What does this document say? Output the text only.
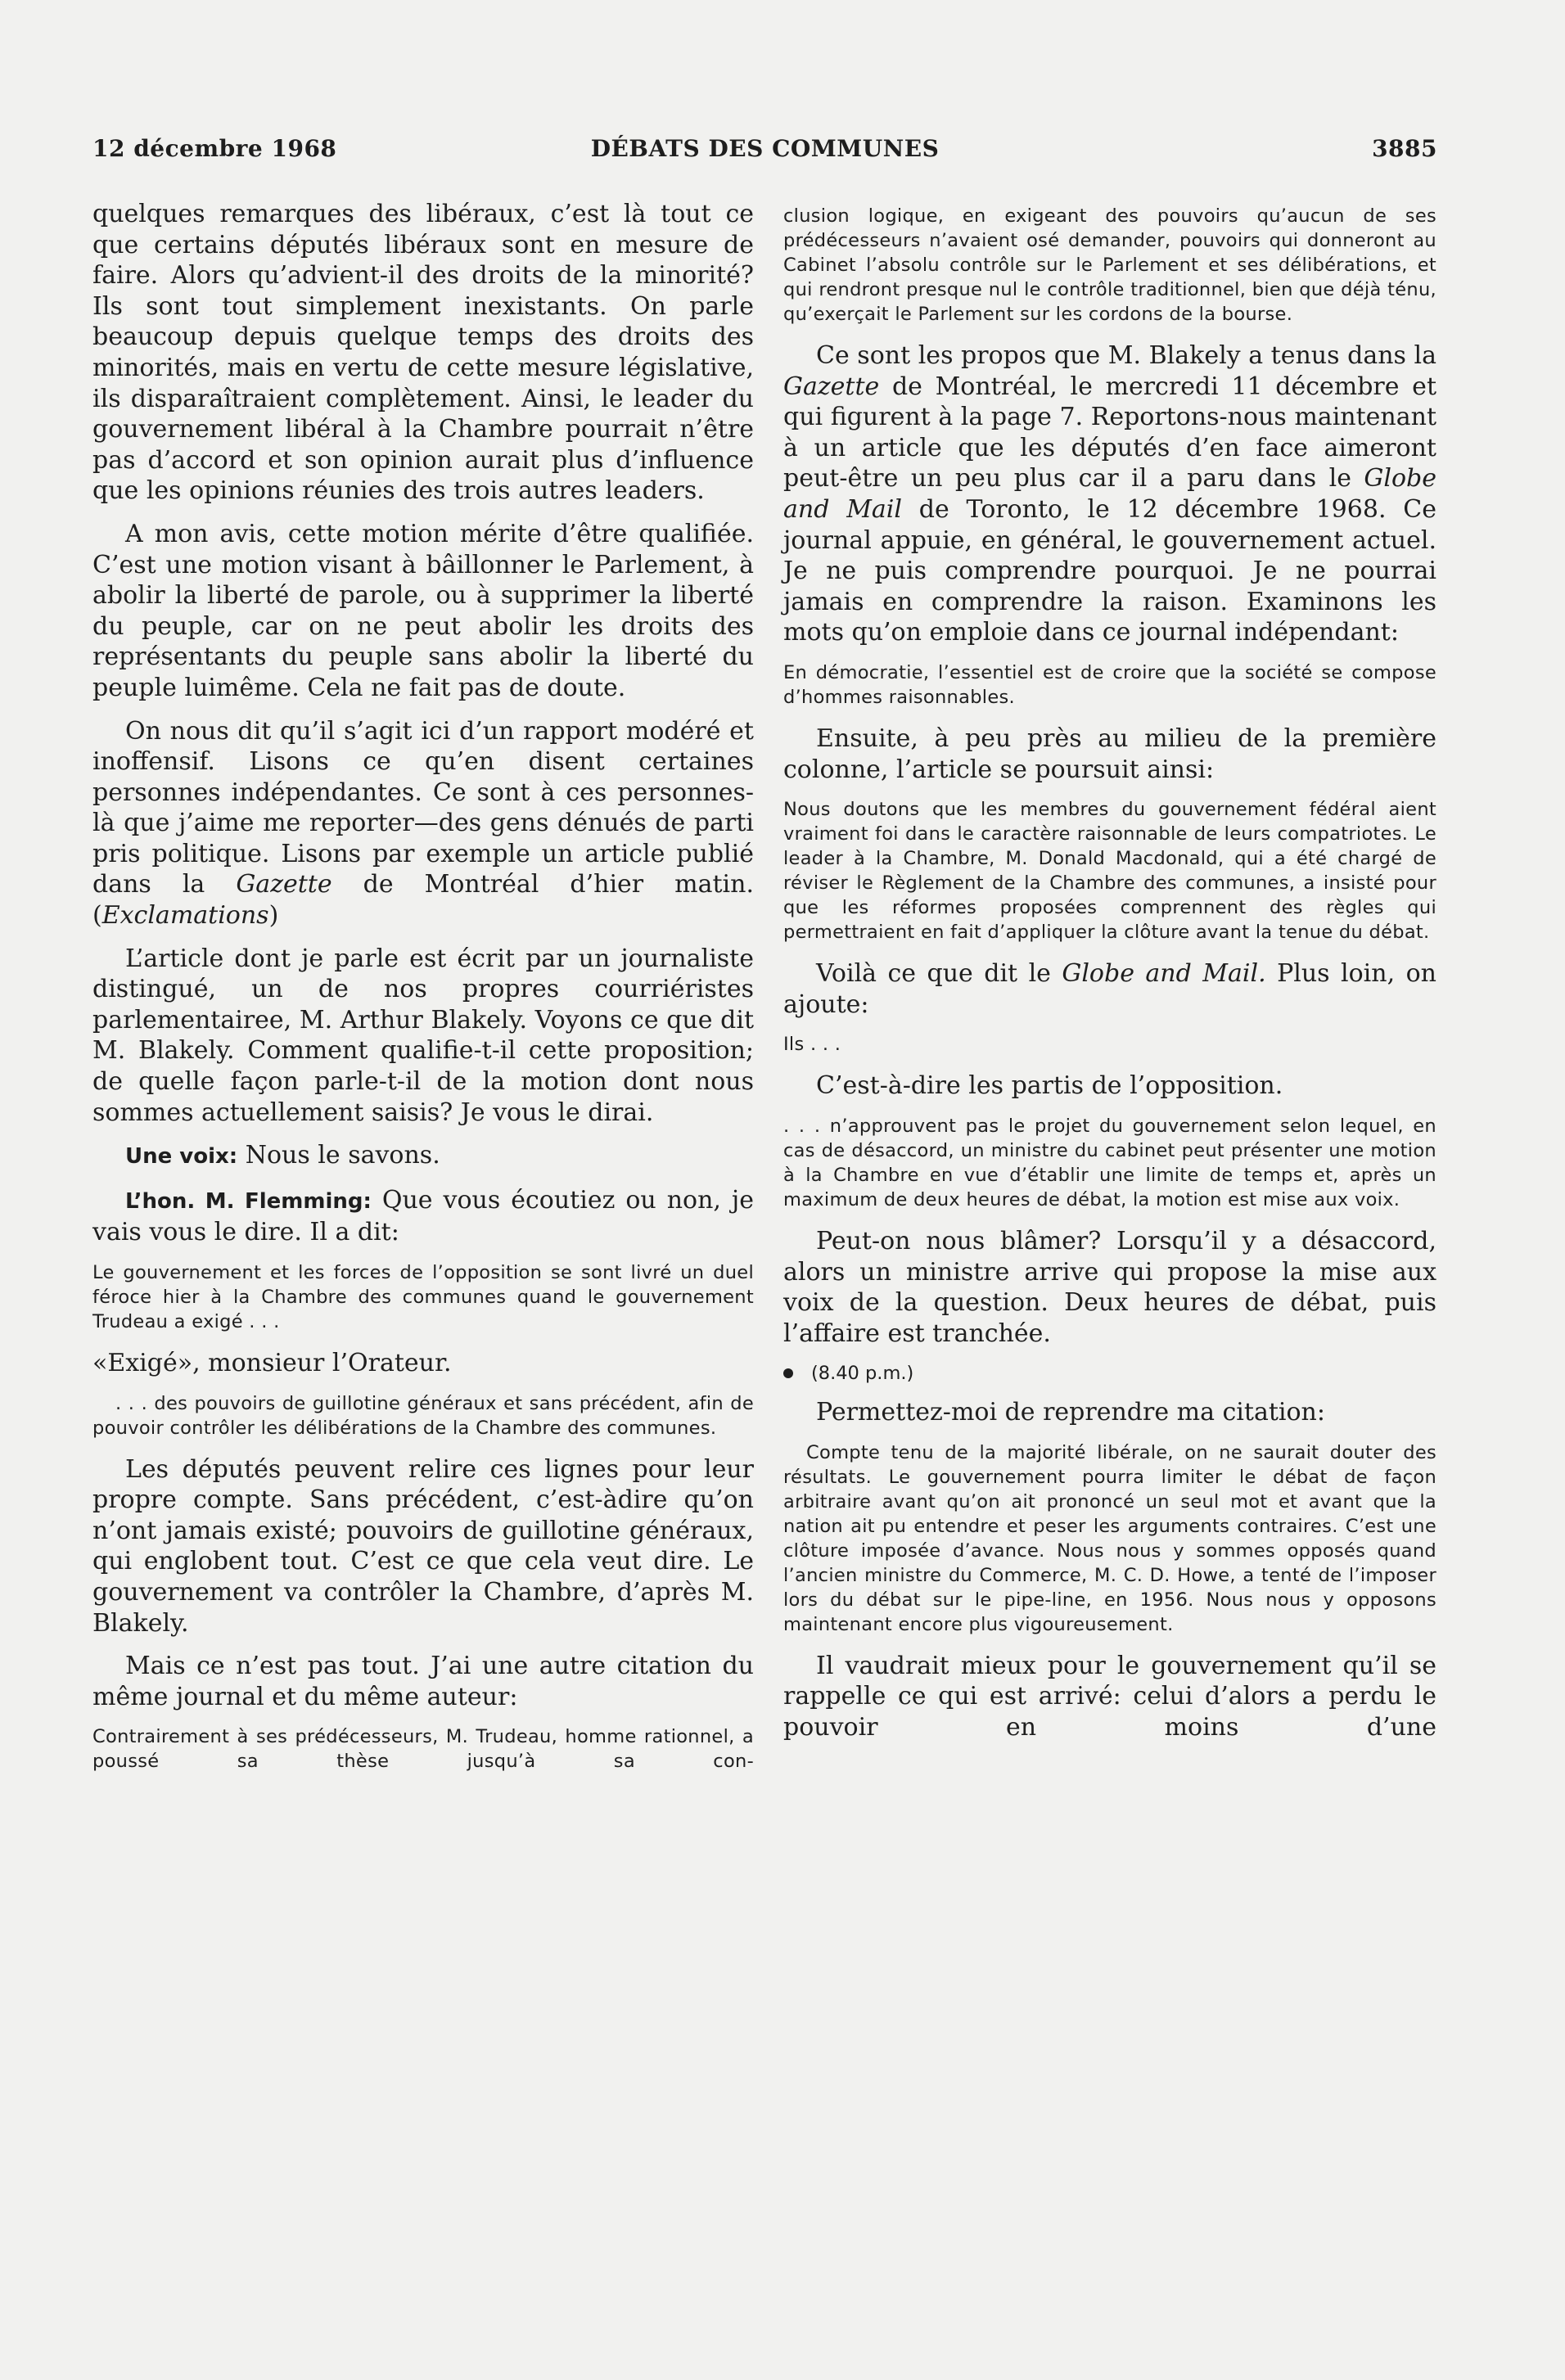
12 décembre 1968	DÉBATS DES COMMUNES	3885

quelques remarques des libéraux, c’est là tout ce que certains députés libéraux sont en mesure de faire. Alors qu’advient-il des droits de la minorité? Ils sont tout simplement inexistants. On parle beaucoup depuis quelque temps des droits des minorités, mais en vertu de cette mesure législative, ils disparaîtraient complètement. Ainsi, le leader du gouvernement libéral à la Chambre pourrait n’être pas d’accord et son opinion aurait plus d’influence que les opinions réunies des trois autres leaders.

A mon avis, cette motion mérite d’être qualifiée. C’est une motion visant à bâillonner le Parlement, à abolir la liberté de parole, ou à supprimer la liberté du peuple, car on ne peut abolir les droits des représentants du peuple sans abolir la liberté du peuple luimême. Cela ne fait pas de doute.

On nous dit qu’il s’agit ici d’un rapport modéré et inoffensif. Lisons ce qu’en disent certaines personnes indépendantes. Ce sont à ces personnes-là que j’aime me reporter—des gens dénués de parti pris politique. Lisons par exemple un article publié dans la Gazette de Montréal d’hier matin. (Exclamations)

L’article dont je parle est écrit par un journaliste distingué, un de nos propres courriéristes parlementairee, M. Arthur Blakely. Voyons ce que dit M. Blakely. Comment qualifie-t-il cette proposition; de quelle façon parle-t-il de la motion dont nous sommes actuellement saisis? Je vous le dirai.

Une voix: Nous le savons.

L’hon. M. Flemming: Que vous écoutiez ou non, je vais vous le dire. Il a dit:

Le gouvernement et les forces de l’opposition se sont livré un duel féroce hier à la Chambre des communes quand le gouvernement Trudeau a exigé . . .

«Exigé», monsieur l’Orateur.

. . . des pouvoirs de guillotine généraux et sans précédent, afin de pouvoir contrôler les délibérations de la Chambre des communes.

Les députés peuvent relire ces lignes pour leur propre compte. Sans précédent, c’est-àdire qu’on n’ont jamais existé; pouvoirs de guillotine généraux, qui englobent tout. C’est ce que cela veut dire. Le gouvernement va contrôler la Chambre, d’après M. Blakely.

Mais ce n’est pas tout. J’ai une autre citation du même journal et du même auteur:

Contrairement à ses prédécesseurs, M. Trudeau, homme rationnel, a poussé sa thèse jusqu’à sa con-

clusion logique, en exigeant des pouvoirs qu’aucun de ses prédécesseurs n’avaient osé demander, pouvoirs qui donneront au Cabinet l’absolu contrôle sur le Parlement et ses délibérations, et qui rendront presque nul le contrôle traditionnel, bien que déjà ténu, qu’exerçait le Parlement sur les cordons de la bourse.

Ce sont les propos que M. Blakely a tenus dans la Gazette de Montréal, le mercredi 11 décembre et qui figurent à la page 7. Reportons-nous maintenant à un article que les députés d’en face aimeront peut-être un peu plus car il a paru dans le Globe and Mail de Toronto, le 12 décembre 1968. Ce journal appuie, en général, le gouvernement actuel. Je ne puis comprendre pourquoi. Je ne pourrai jamais en comprendre la raison. Examinons les mots qu’on emploie dans ce journal indépendant:

En démocratie, l’essentiel est de croire que la société se compose d’hommes raisonnables.

Ensuite, à peu près au milieu de la première colonne, l’article se poursuit ainsi:

Nous doutons que les membres du gouvernement fédéral aient vraiment foi dans le caractère raisonnable de leurs compatriotes. Le leader à la Chambre, M. Donald Macdonald, qui a été chargé de réviser le Règlement de la Chambre des communes, a insisté pour que les réformes proposées comprennent des règles qui permettraient en fait d’appliquer la clôture avant la tenue du débat.

Voilà ce que dit le Globe and Mail. Plus loin, on ajoute:

Ils . . .

C’est-à-dire les partis de l’opposition.

. . . n’approuvent pas le projet du gouvernement selon lequel, en cas de désaccord, un ministre du cabinet peut présenter une motion à la Chambre en vue d’établir une limite de temps et, après un maximum de deux heures de débat, la motion est mise aux voix.

Peut-on nous blâmer? Lorsqu’il y a désaccord, alors un ministre arrive qui propose la mise aux voix de la question. Deux heures de débat, puis l’affaire est tranchée.

(8.40 p.m.)

Permettez-moi de reprendre ma citation:

Compte tenu de la majorité libérale, on ne saurait douter des résultats. Le gouvernement pourra limiter le débat de façon arbitraire avant qu’on ait prononcé un seul mot et avant que la nation ait pu entendre et peser les arguments contraires. C’est une clôture imposée d’avance. Nous nous y sommes opposés quand l’ancien ministre du Commerce, M. C. D. Howe, a tenté de l’imposer lors du débat sur le pipe-line, en 1956. Nous nous y opposons maintenant encore plus vigoureusement.

Il vaudrait mieux pour le gouvernement qu’il se rappelle ce qui est arrivé: celui d’alors a perdu le pouvoir en moins d’une
